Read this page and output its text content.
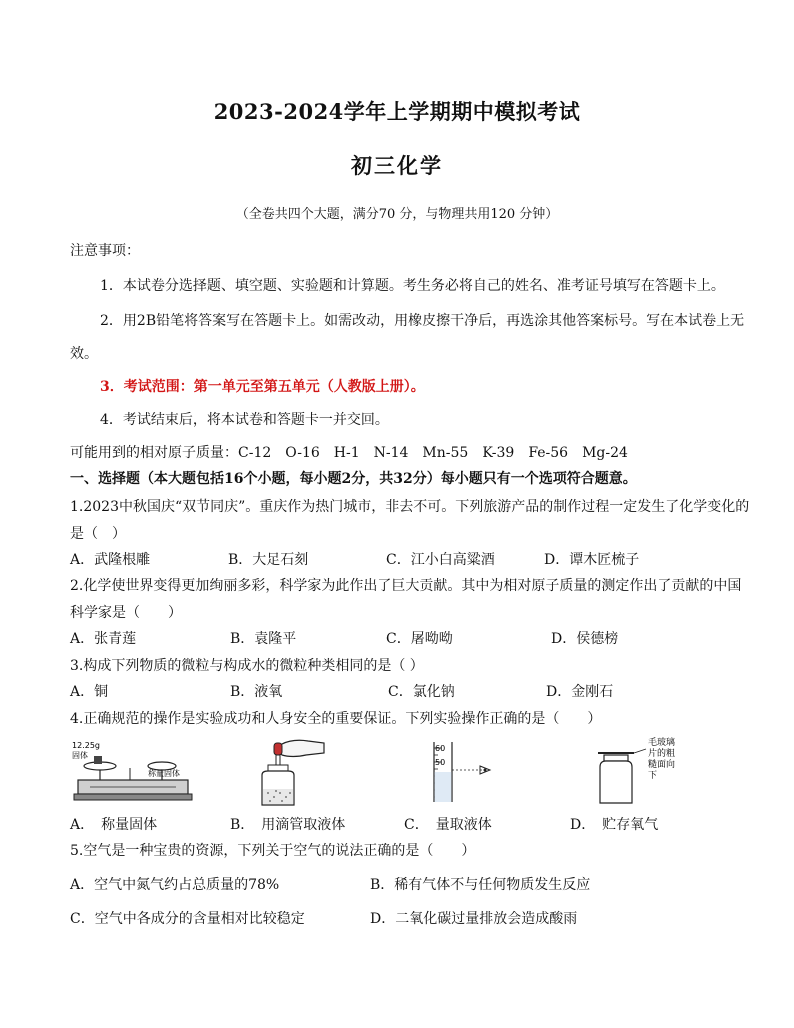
2023-2024学年上学期期中模拟考试
初三化学
（全卷共四个大题，满分70 分，与物理共用120 分钟）
注意事项：
1．本试卷分选择题、填空题、实验题和计算题。考生务必将自己的姓名、准考证号填写在答题卡上。
2．用2B铅笔将答案写在答题卡上。如需改动，用橡皮擦干净后，再选涂其他答案标号。写在本试卷上无
效。
3．考试范围：第一单元至第五单元（人教版上册）。
4．考试结束后，将本试卷和答题卡一并交回。
可能用到的相对原子质量：C-12　O-16　H-1　N-14　Mn-55　K-39　Fe-56　Mg-24
一、选择题（本大题包括16个小题，每小题2分，共32分）每小题只有一个选项符合题意。
1.2023中秋国庆“双节同庆”。重庆作为热门城市，非去不可。下列旅游产品的制作过程一定发生了化学变化的
是（　）
A．武隆根雕	B．大足石刻	C．江小白高粱酒	D．谭木匠梳子
2.化学使世界变得更加绚丽多彩，科学家为此作出了巨大贡献。其中为相对原子质量的测定作出了贡献的中国
科学家是（　　）
A．张青莲	B．袁隆平	C．屠呦呦	D．侯德榜
3.构成下列物质的微粒与构成水的微粒种类相同的是（ ）
A．铜	B．液氧	C．氯化钠	D．金刚石
4.正确规范的操作是实验成功和人身安全的重要保证。下列实验操作正确的是（　　）
12.25g
固体
称量固体
60
50
毛玻璃
片的粗
糙面向
下
A．　称量固体	B．　用滴管取液体	C．　量取液体	D．　贮存氧气
5.空气是一种宝贵的资源，下列关于空气的说法正确的是（　　）
A．空气中氮气约占总质量的78%	B．稀有气体不与任何物质发生反应
C．空气中各成分的含量相对比较稳定	D．二氧化碳过量排放会造成酸雨
